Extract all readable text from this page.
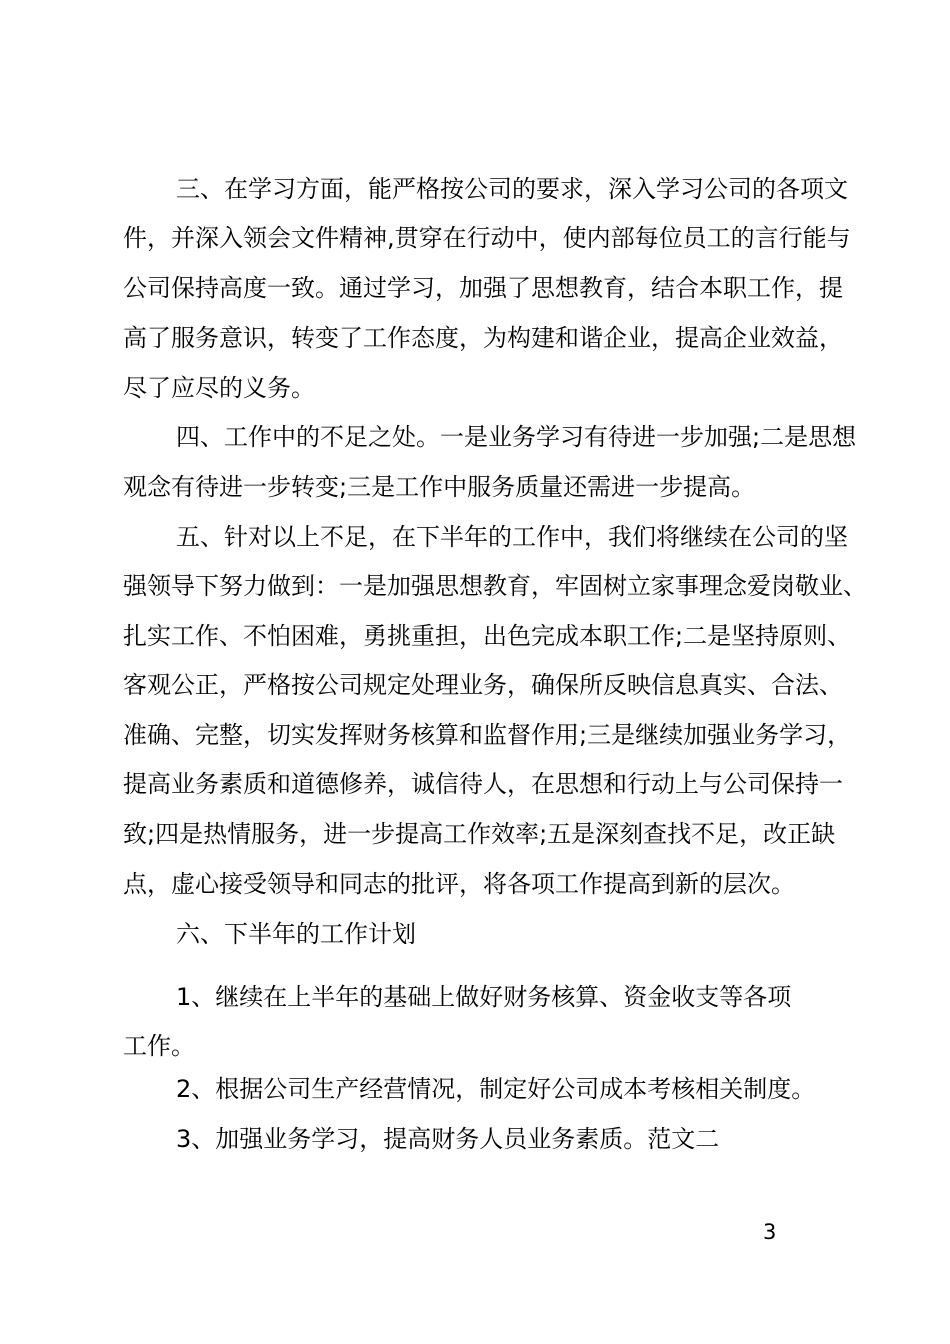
三、在学习方面，能严格按公司的要求，深入学习公司的各项文
件，并深入领会文件精神,贯穿在行动中，使内部每位员工的言行能与
公司保持高度一致。通过学习，加强了思想教育，结合本职工作，提
高了服务意识，转变了工作态度，为构建和谐企业，提高企业效益，
尽了应尽的义务。
四、工作中的不足之处。一是业务学习有待进一步加强;二是思想
观念有待进一步转变;三是工作中服务质量还需进一步提高。
五、针对以上不足，在下半年的工作中，我们将继续在公司的坚
强领导下努力做到：一是加强思想教育，牢固树立家事理念爱岗敬业、
扎实工作、不怕困难，勇挑重担，出色完成本职工作;二是坚持原则、
客观公正，严格按公司规定处理业务，确保所反映信息真实、合法、
准确、完整，切实发挥财务核算和监督作用;三是继续加强业务学习，
提高业务素质和道德修养，诚信待人，在思想和行动上与公司保持一
致;四是热情服务，进一步提高工作效率;五是深刻查找不足，改正缺
点，虚心接受领导和同志的批评，将各项工作提高到新的层次。
六、下半年的工作计划
1、继续在上半年的基础上做好财务核算、资金收支等各项
工作。
2、根据公司生产经营情况，制定好公司成本考核相关制度。
3、加强业务学习，提高财务人员业务素质。范文二
3
